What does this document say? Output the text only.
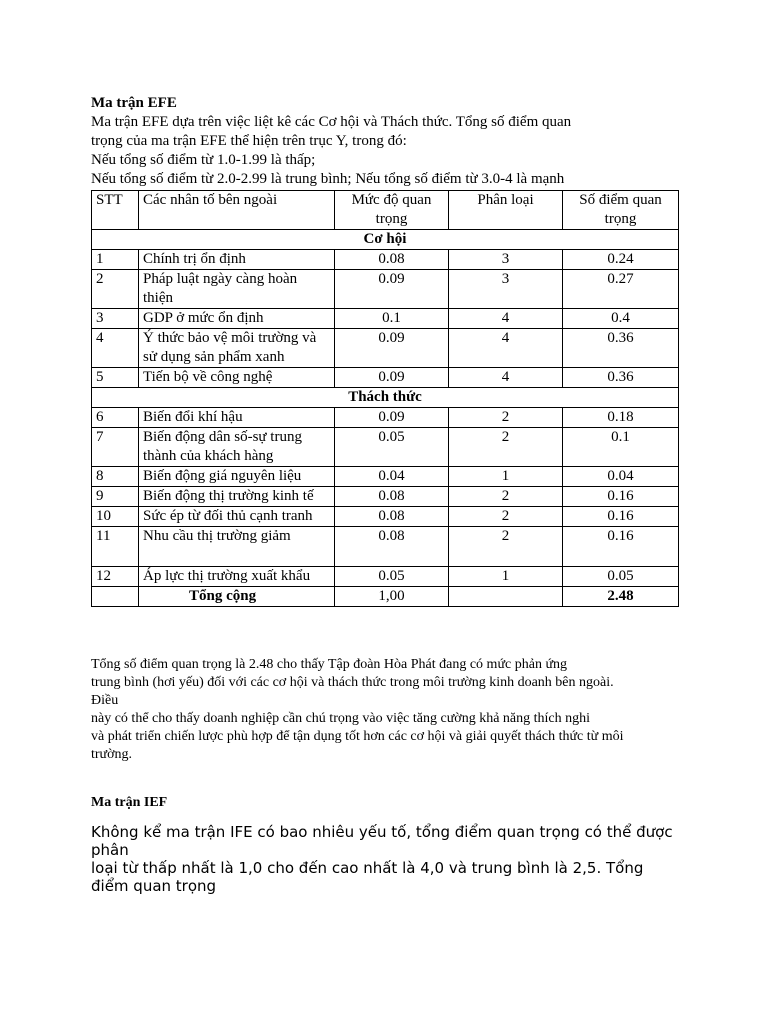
Ma trận EFE
Ma trận EFE dựa trên việc liệt kê các Cơ hội và Thách thức. Tổng số điểm quan
trọng của ma trận EFE thể hiện trên trục Y, trong đó:
Nếu tổng số điểm từ 1.0-1.99 là thấp;
Nếu tổng số điểm từ 2.0-2.99 là trung bình; Nếu tổng số điểm từ 3.0-4 là mạnh
STT	Các nhân tố bên ngoài	Mức độ quan trọng	Phân loại	Số điểm quan trọng
Cơ hội				
1	Chính trị ổn định	0.08	3	0.24
2	Pháp luật ngày càng hoàn thiện	0.09	3	0.27
3	GDP ở mức ổn định	0.1	4	0.4
4	Ý thức bảo vệ môi trường và sử dụng sản phẩm xanh	0.09	4	0.36
5	Tiến bộ về công nghệ	0.09	4	0.36
Thách thức				
6	Biến đổi khí hậu	0.09	2	0.18
7	Biến động dân số-sự trung thành của khách hàng	0.05	2	0.1
8	Biến động giá nguyên liệu	0.04	1	0.04
9	Biến động thị trường kinh tế	0.08	2	0.16
10	Sức ép từ đối thủ cạnh tranh	0.08	2	0.16
11	Nhu cầu thị trường giảm	0.08	2	0.16
12	Áp lực thị trường xuất khẩu	0.05	1	0.05
	Tổng cộng	1,00		2.48
Tổng số điểm quan trọng là 2.48 cho thấy Tập đoàn Hòa Phát đang có mức phản ứng
trung bình (hơi yếu) đối với các cơ hội và thách thức trong môi trường kinh doanh bên ngoài.
Điều
này có thể cho thấy doanh nghiệp cần chú trọng vào việc tăng cường khả năng thích nghi
và phát triển chiến lược phù hợp để tận dụng tốt hơn các cơ hội và giải quyết thách thức từ môi
trường.
Ma trận IEF
Không kể ma trận IFE có bao nhiêu yếu tố, tổng điểm quan trọng có thể được
phân
loại từ thấp nhất là 1,0 cho đến cao nhất là 4,0 và trung bình là 2,5. Tổng
điểm quan trọng
